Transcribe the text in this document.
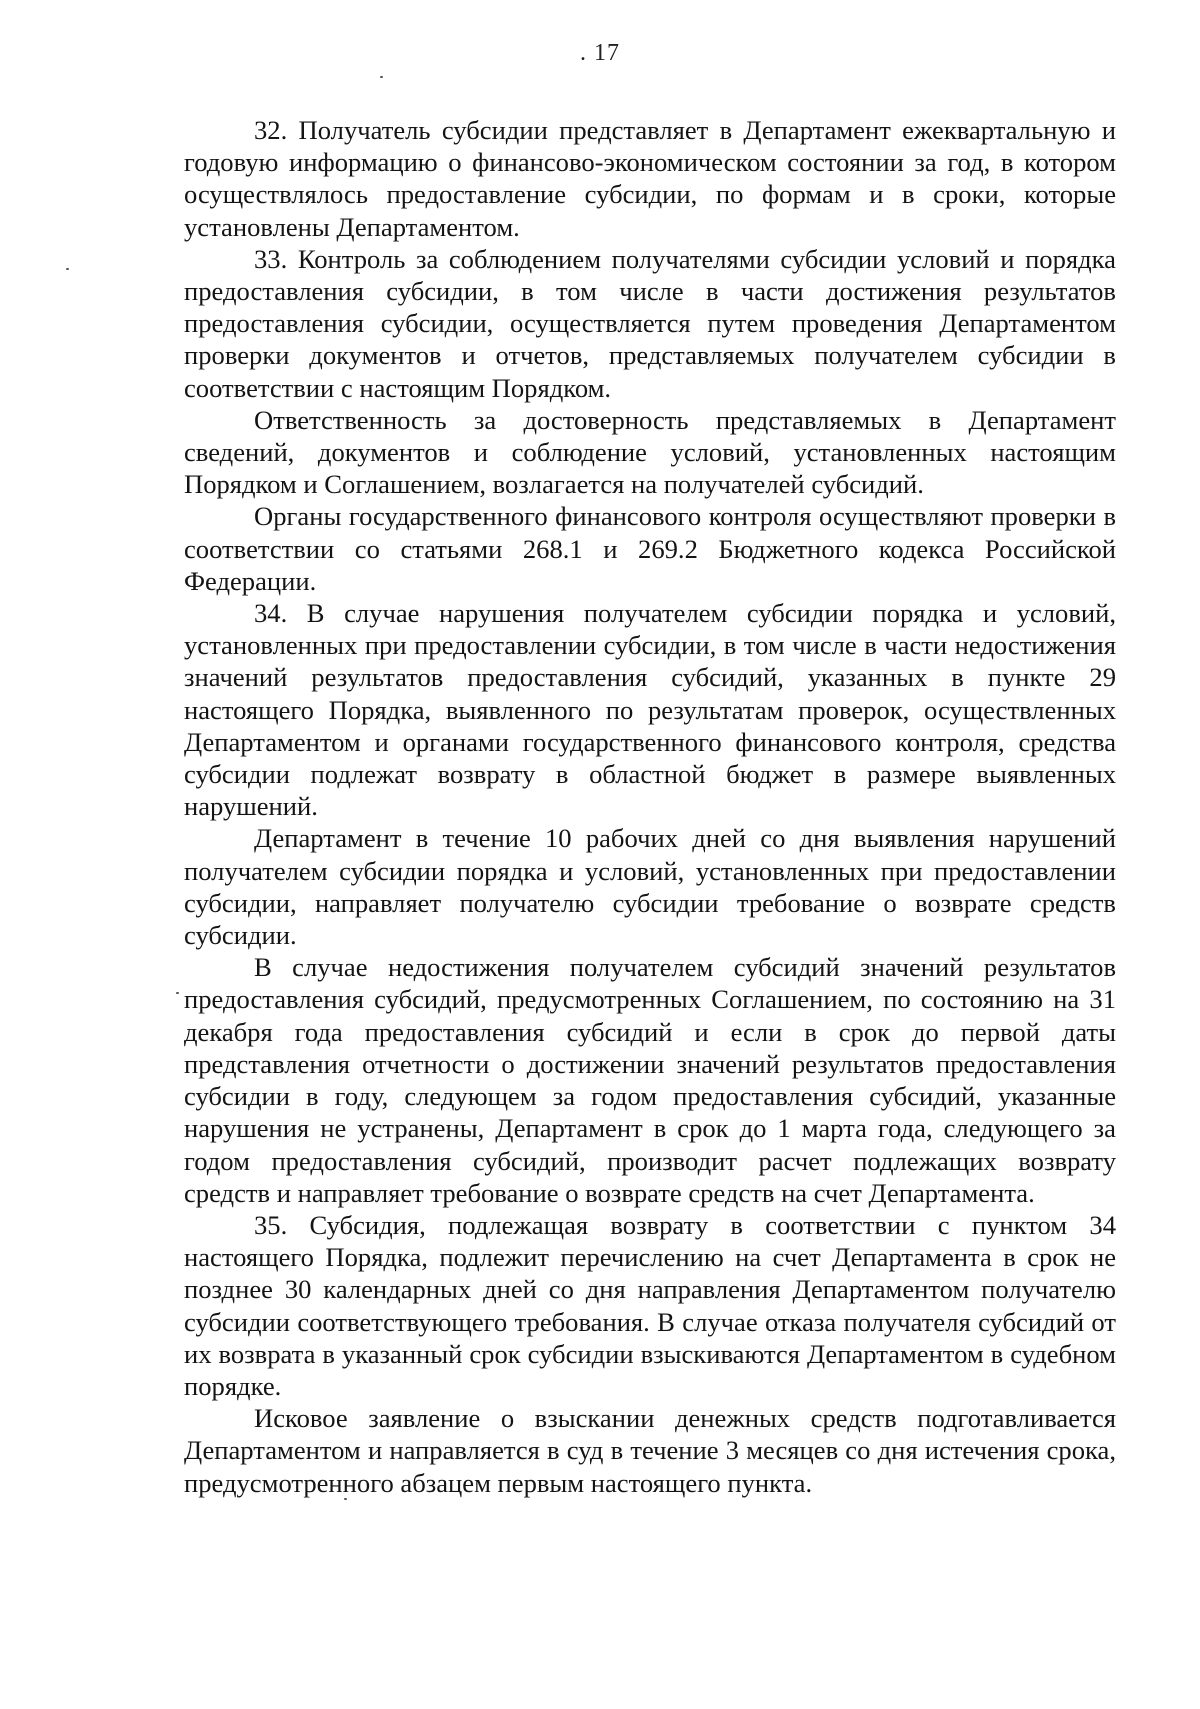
. 17

32. Получатель субсидии представляет в Департамент ежеквартальную и годовую информацию о финансово-экономическом состоянии за год, в котором осуществлялось предоставление субсидии, по формам и в сроки, которые установлены Департаментом.

33. Контроль за соблюдением получателями субсидии условий и порядка предоставления субсидии, в том числе в части достижения результатов предоставления субсидии, осуществляется путем проведения Департаментом проверки документов и отчетов, представляемых получателем субсидии в соответствии с настоящим Порядком.

Ответственность за достоверность представляемых в Департамент сведений, документов и соблюдение условий, установленных настоящим Порядком и Соглашением, возлагается на получателей субсидий.

Органы государственного финансового контроля осуществляют проверки в соответствии со статьями 268.1 и 269.2 Бюджетного кодекса Российской Федерации.

34. В случае нарушения получателем субсидии порядка и условий, установленных при предоставлении субсидии, в том числе в части недостижения значений результатов предоставления субсидий, указанных в пункте 29 настоящего Порядка, выявленного по результатам проверок, осуществленных Департаментом и органами государственного финансового контроля, средства субсидии подлежат возврату в областной бюджет в размере выявленных нарушений.

Департамент в течение 10 рабочих дней со дня выявления нарушений получателем субсидии порядка и условий, установленных при предоставлении субсидии, направляет получателю субсидии требование о возврате средств субсидии.

В случае недостижения получателем субсидий значений результатов предоставления субсидий, предусмотренных Соглашением, по состоянию на 31 декабря года предоставления субсидий и если в срок до первой даты представления отчетности о достижении значений результатов предоставления субсидии в году, следующем за годом предоставления субсидий, указанные нарушения не устранены, Департамент в срок до 1 марта года, следующего за годом предоставления субсидий, производит расчет подлежащих возврату средств и направляет требование о возврате средств на счет Департамента.

35. Субсидия, подлежащая возврату в соответствии с пунктом 34 настоящего Порядка, подлежит перечислению на счет Департамента в срок не позднее 30 календарных дней со дня направления Департаментом получателю субсидии соответствующего требования. В случае отказа получателя субсидий от их возврата в указанный срок субсидии взыскиваются Департаментом в судебном порядке.

Исковое заявление о взыскании денежных средств подготавливается Департаментом и направляется в суд в течение 3 месяцев со дня истечения срока, предусмотренного абзацем первым настоящего пункта.
